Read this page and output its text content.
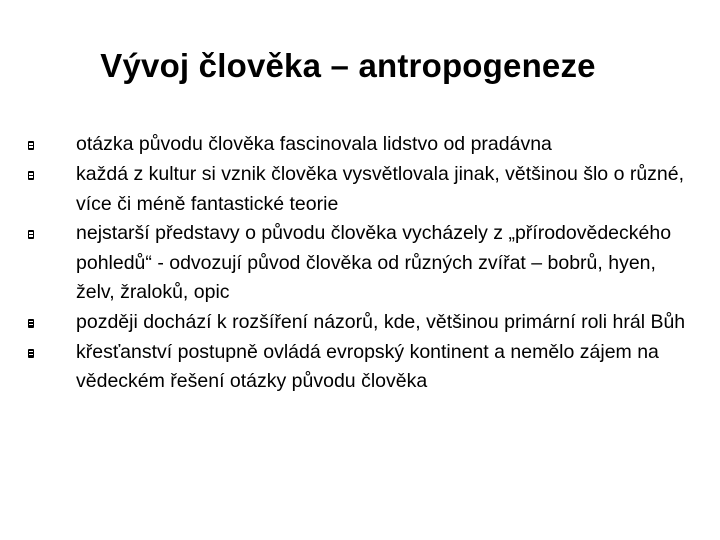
Vývoj člověka – antropogeneze
otázka původu člověka fascinovala lidstvo od pradávna
každá z kultur si vznik člověka vysvětlovala jinak, většinou šlo o různé, více či méně fantastické teorie
nejstarší představy o původu člověka vycházely z „přírodovědeckého pohledů“ - odvozují původ člověka od různých zvířat – bobrů, hyen, želv, žraloků, opic
později dochází k rozšíření názorů, kde, většinou primární roli hrál Bůh
křesťanství postupně ovládá evropský kontinent a nemělo zájem na vědeckém řešení otázky původu člověka
